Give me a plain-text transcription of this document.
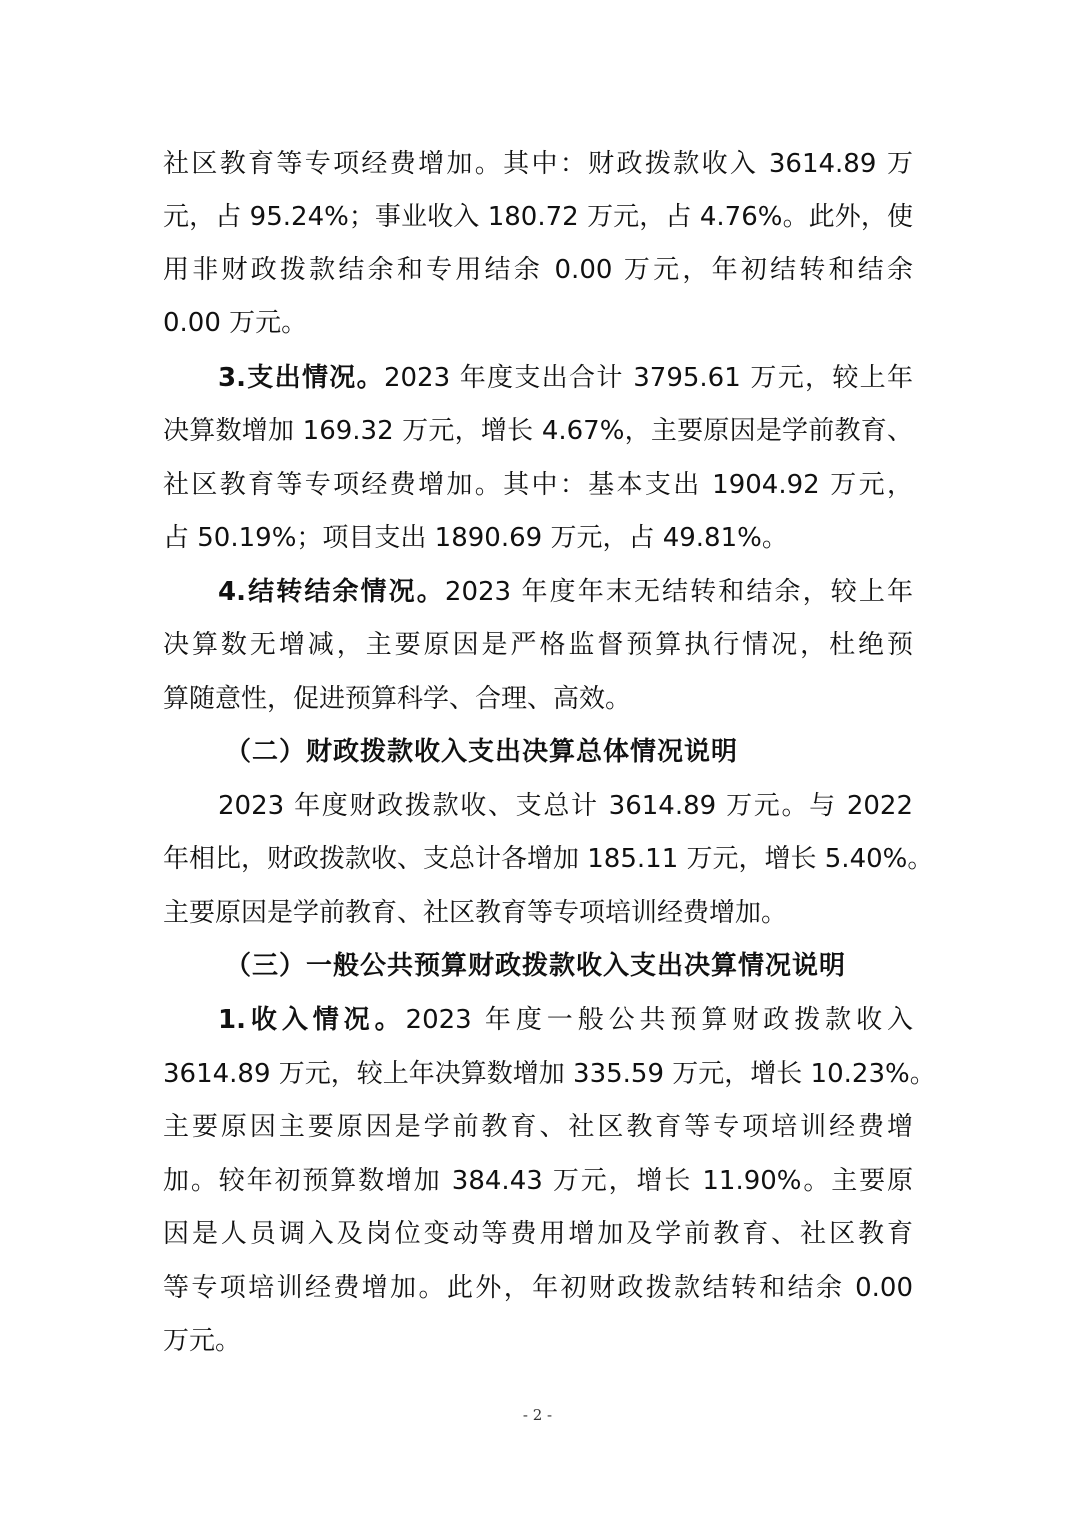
社区教育等专项经费增加。其中：财政拨款收入 3614.89 万
元，占 95.24%；事业收入 180.72 万元，占 4.76%。此外，使
用非财政拨款结余和专用结余 0.00 万元，年初结转和结余
0.00 万元。
3.支出情况。2023 年度支出合计 3795.61 万元，较上年
决算数增加 169.32 万元，增长 4.67%，主要原因是学前教育、
社区教育等专项经费增加。其中：基本支出 1904.92 万元，
占 50.19%；项目支出 1890.69 万元，占 49.81%。
4.结转结余情况。2023 年度年末无结转和结余，较上年
决算数无增减，主要原因是严格监督预算执行情况，杜绝预
算随意性，促进预算科学、合理、高效。
（二）财政拨款收入支出决算总体情况说明
2023 年度财政拨款收、支总计 3614.89 万元。与 2022
年相比，财政拨款收、支总计各增加 185.11 万元，增长 5.40%。
主要原因是学前教育、社区教育等专项培训经费增加。
（三）一般公共预算财政拨款收入支出决算情况说明
1.收入情况。2023 年度一般公共预算财政拨款收入
3614.89 万元，较上年决算数增加 335.59 万元，增长 10.23%。
主要原因主要原因是学前教育、社区教育等专项培训经费增
加。较年初预算数增加 384.43 万元，增长 11.90%。主要原
因是人员调入及岗位变动等费用增加及学前教育、社区教育
等专项培训经费增加。此外，年初财政拨款结转和结余 0.00
万元。
- 2 -
